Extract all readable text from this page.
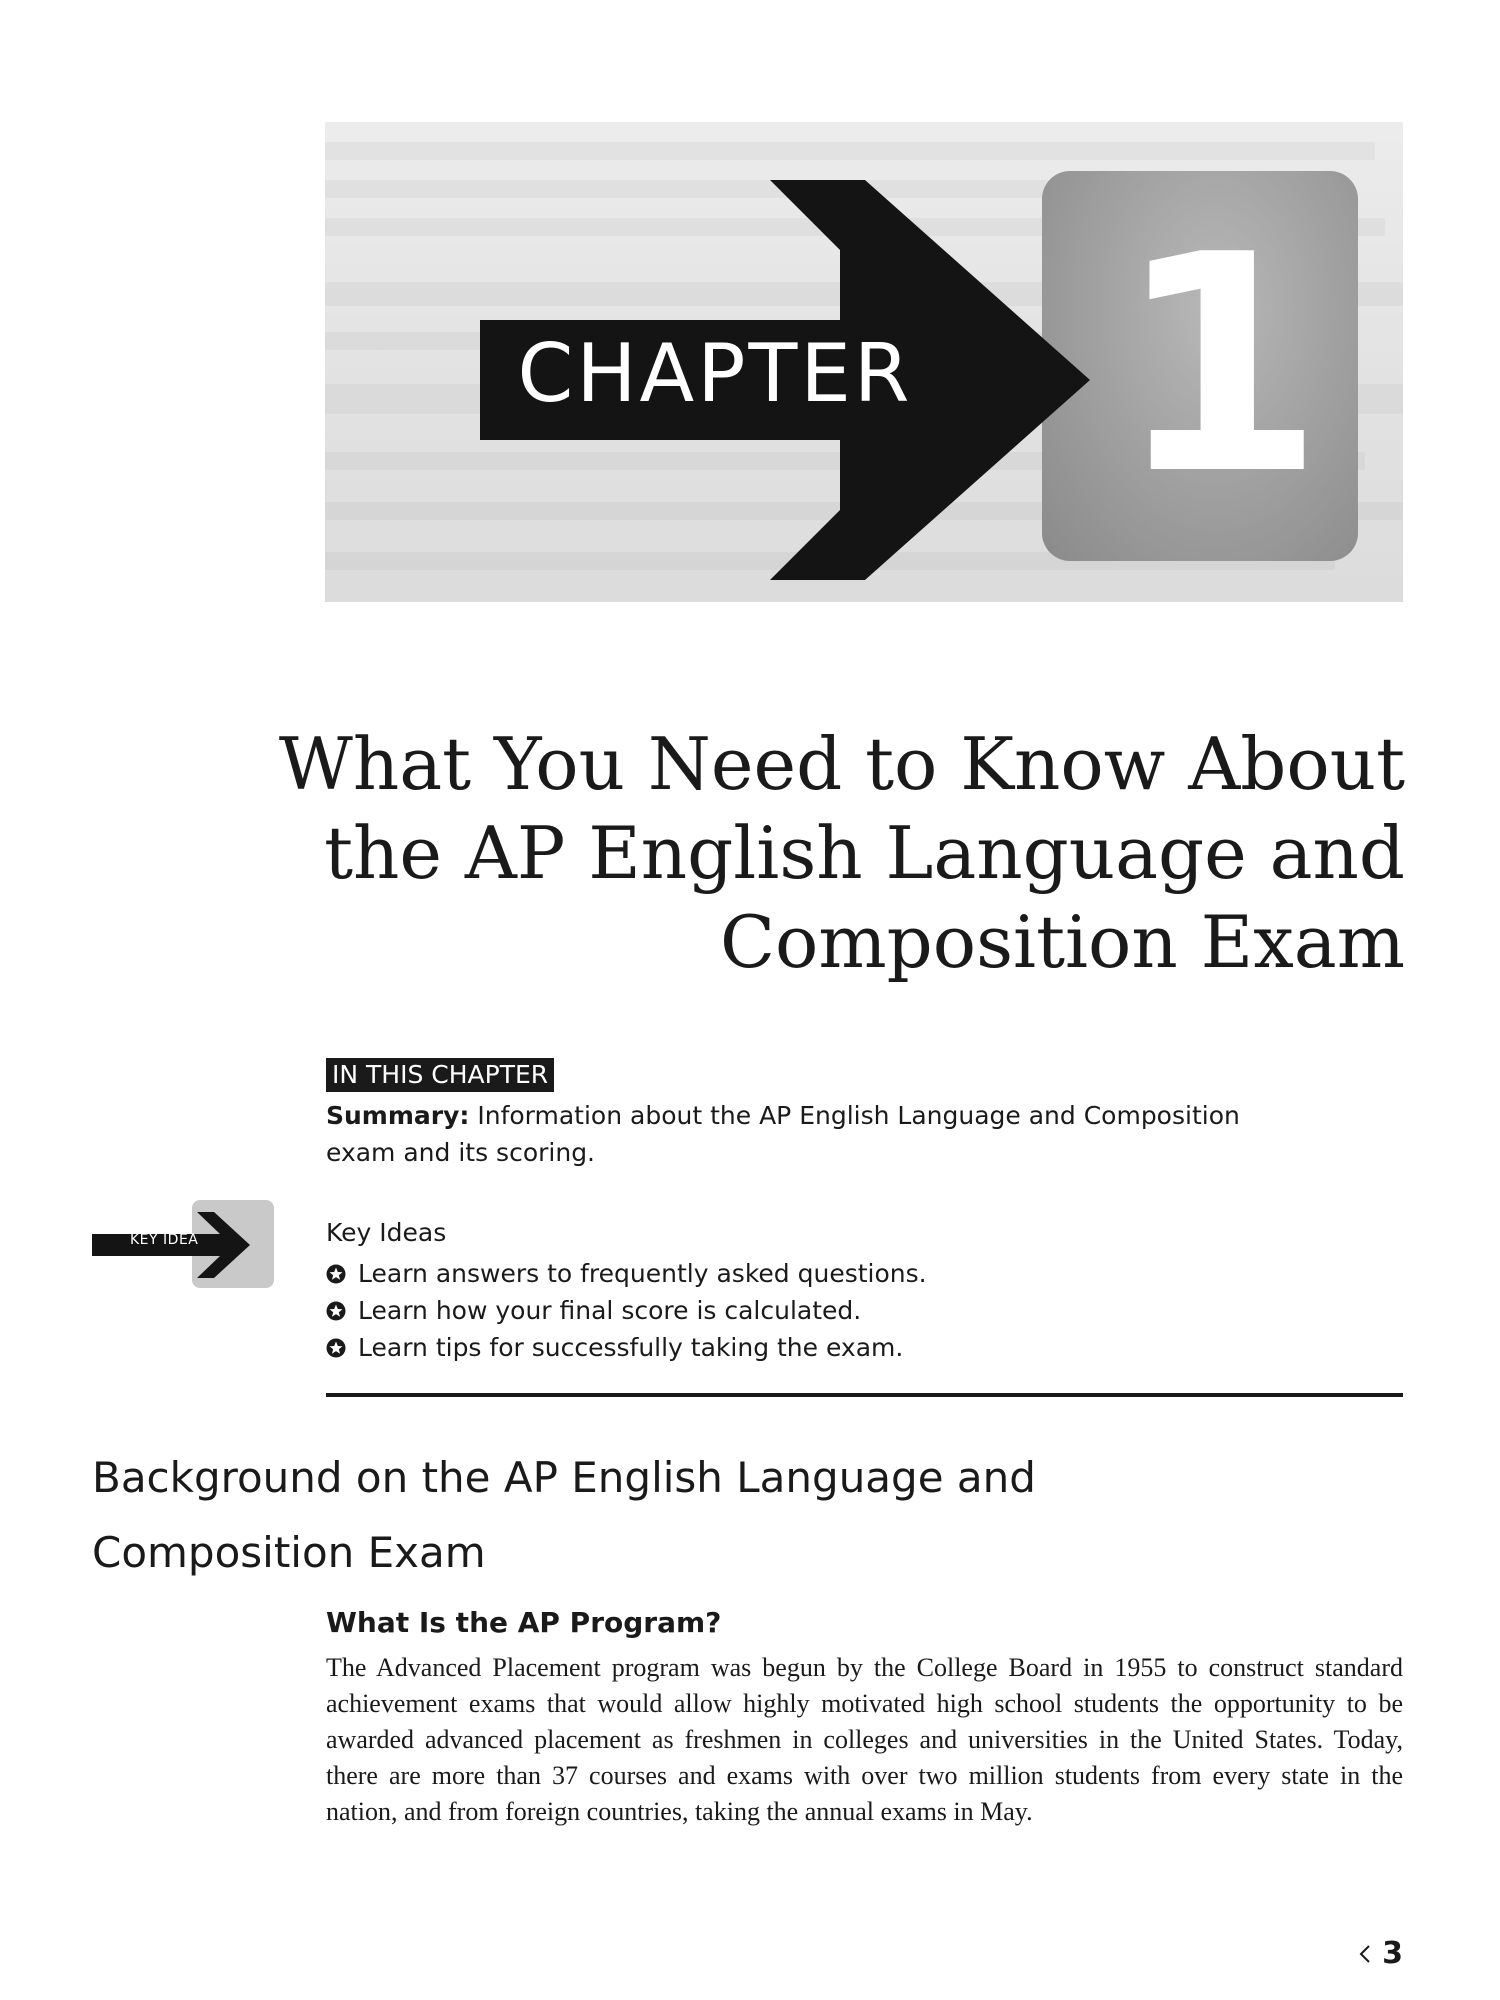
1
CHAPTER
What You Need to Know About
the AP English Language and
Composition Exam
IN THIS CHAPTER

Summary: Information about the AP English Language and Composition exam and its scoring.

KEY IDEA	Key Ideas
Learn answers to frequently asked questions.
Learn how your final score is calculated.
Learn tips for successfully taking the exam.
Background on the AP English Language and
Composition Exam
What Is the AP Program?

The Advanced Placement program was begun by the College Board in 1955 to construct standard achievement exams that would allow highly motivated high school students the opportunity to be awarded advanced placement as freshmen in colleges and universities in the United States. Today, there are more than 37 courses and exams with over two million students from every state in the nation, and from foreign countries, taking the annual exams in May.

3
